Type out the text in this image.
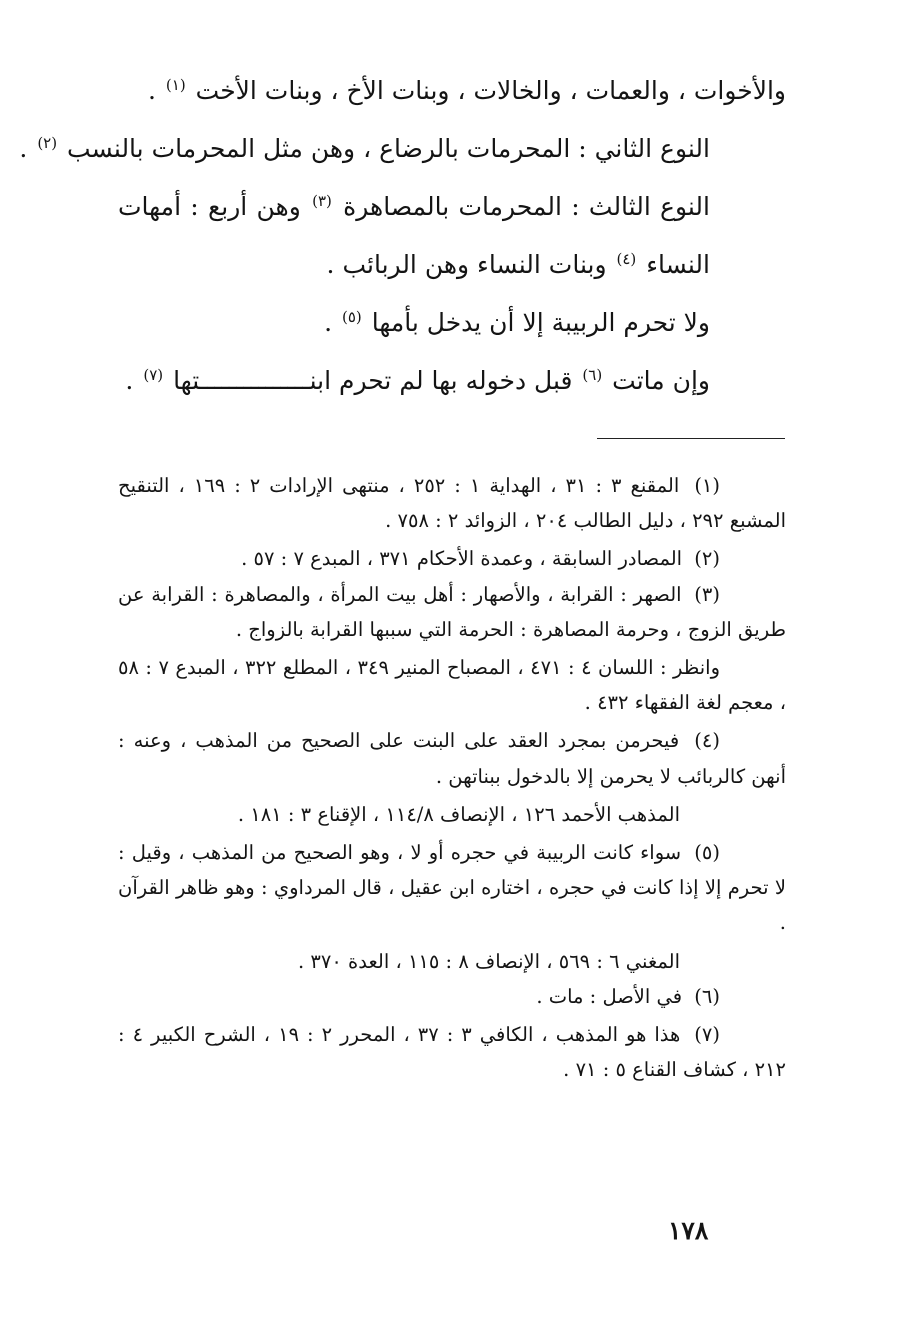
والأخوات ، والعمات ، والخالات ، وبنات الأخ ، وبنات الأخت $^{(١)}$ .

النوع الثاني : المحرمات بالرضاع ، وهن مثل المحرمات بالنسب $^{(٢)}$ .

النوع الثالث : المحرمات بالمصاهرة $^{(٣)}$ وهن أربع : أمهات النساء $^{(٤)}$ وبنات النساء وهن الربائب .

ولا تحرم الربيبة إلا أن يدخل بأمها $^{(٥)}$ .

وإن ماتت $^{(٦)}$ قبل دخوله بها لم تحرم ابنـــــــــــــــتها $^{(٧)}$ .

(١) المقنع ٣ : ٣١ ، الهداية ١ : ٢٥٢ ، منتهى الإرادات ٢ : ١٦٩ ، التنقيح المشبع ٢٩٢ ، دليل الطالب ٢٠٤ ، الزوائد ٢ : ٧٥٨ .

(٢) المصادر السابقة ، وعمدة الأحكام ٣٧١ ، المبدع ٧ : ٥٧ .

(٣) الصهر : القرابة ، والأصهار : أهل بيت المرأة ، والمصاهرة : القرابة عن طريق الزوج ، وحرمة المصاهرة : الحرمة التي سببها القرابة بالزواج .

وانظر : اللسان ٤ : ٤٧١ ، المصباح المنير ٣٤٩ ، المطلع ٣٢٢ ، المبدع ٧ : ٥٨ ، معجم لغة الفقهاء ٤٣٢ .

(٤) فيحرمن بمجرد العقد على البنت على الصحيح من المذهب ، وعنه : أنهن كالربائب لا يحرمن إلا بالدخول ببناتهن .

المذهب الأحمد ١٢٦ ، الإنصاف ١١٤/٨ ، الإقناع ٣ : ١٨١ .

(٥) سواء كانت الربيبة في حجره أو لا ، وهو الصحيح من المذهب ، وقيل : لا تحرم إلا إذا كانت في حجره ، اختاره ابن عقيل ، قال المرداوي : وهو ظاهر القرآن .

المغني ٦ : ٥٦٩ ، الإنصاف ٨ : ١١٥ ، العدة ٣٧٠ .

(٦) في الأصل : مات .

(٧) هذا هو المذهب ، الكافي ٣ : ٣٧ ، المحرر ٢ : ١٩ ، الشرح الكبير ٤ : ٢١٢ ، كشاف القناع ٥ : ٧١ .

١٧٨
